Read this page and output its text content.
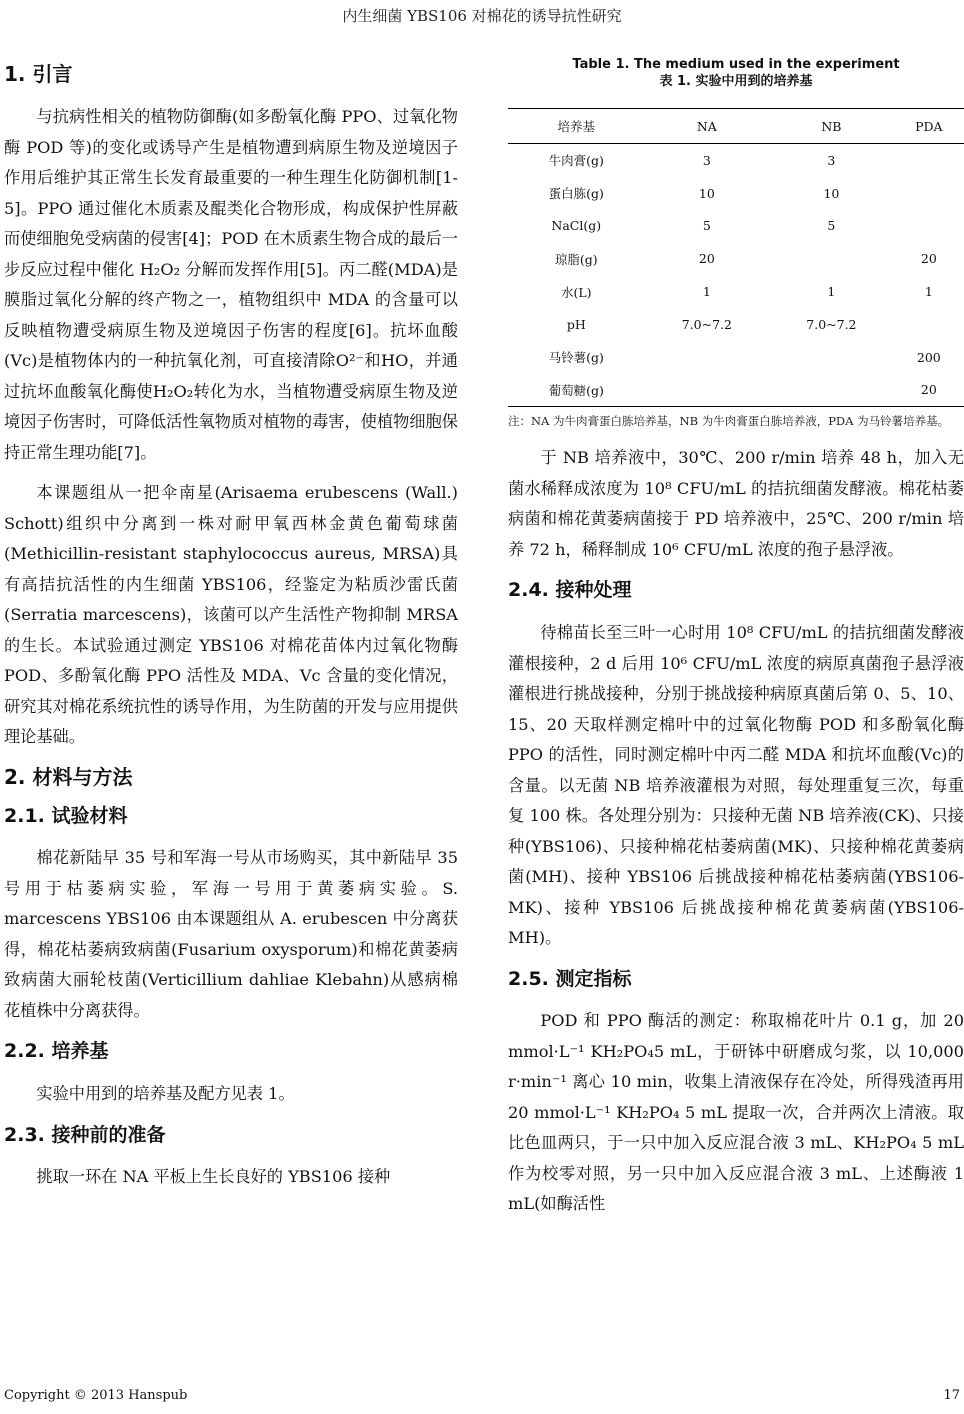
内生细菌 YBS106 对棉花的诱导抗性研究
1. 引言

与抗病性相关的植物防御酶(如多酚氧化酶 PPO、过氧化物酶 POD 等)的变化或诱导产生是植物遭到病原生物及逆境因子作用后维护其正常生长发育最重要的一种生理生化防御机制[1-5]。PPO 通过催化木质素及醌类化合物形成，构成保护性屏蔽而使细胞免受病菌的侵害[4]；POD 在木质素生物合成的最后一步反应过程中催化 H₂O₂ 分解而发挥作用[5]。丙二醛(MDA)是膜脂过氧化分解的终产物之一，植物组织中 MDA 的含量可以反映植物遭受病原生物及逆境因子伤害的程度[6]。抗坏血酸(Vc)是植物体内的一种抗氧化剂，可直接清除O²⁻和HO，并通过抗坏血酸氧化酶使H₂O₂转化为水，当植物遭受病原生物及逆境因子伤害时，可降低活性氧物质对植物的毒害，使植物细胞保持正常生理功能[7]。

本课题组从一把伞南星(Arisaema erubescens (Wall.) Schott)组织中分离到一株对耐甲氧西林金黄色葡萄球菌(Methicillin-resistant staphylococcus aureus, MRSA)具有高拮抗活性的内生细菌 YBS106，经鉴定为粘质沙雷氏菌(Serratia marcescens)，该菌可以产生活性产物抑制 MRSA 的生长。本试验通过测定 YBS106 对棉花苗体内过氧化物酶 POD、多酚氧化酶 PPO 活性及 MDA、Vc 含量的变化情况，研究其对棉花系统抗性的诱导作用，为生防菌的开发与应用提供理论基础。

2. 材料与方法
2.1. 试验材料

棉花新陆早 35 号和军海一号从市场购买，其中新陆早 35 号用于枯萎病实验，军海一号用于黄萎病实验。S. marcescens YBS106 由本课题组从 A. erubescen 中分离获得，棉花枯萎病致病菌(Fusarium oxysporum)和棉花黄萎病致病菌大丽轮枝菌(Verticillium dahliae Klebahn)从感病棉花植株中分离获得。

2.2. 培养基

实验中用到的培养基及配方见表 1。

2.3. 接种前的准备

挑取一环在 NA 平板上生长良好的 YBS106 接种

Table 1. The medium used in the experiment
表 1. 实验中用到的培养基
培养基	NA	NB	PDA
牛肉膏(g)	3	3	
蛋白胨(g)	10	10	
NaCl(g)	5	5	
琼脂(g)	20		20
水(L)	1	1	1
pH	7.0~7.2	7.0~7.2	
马铃薯(g)			200
葡萄糖(g)			20
注：NA 为牛肉膏蛋白胨培养基，NB 为牛肉膏蛋白胨培养液，PDA 为马铃薯培养基。

于 NB 培养液中，30℃、200 r/min 培养 48 h，加入无菌水稀释成浓度为 10⁸ CFU/mL 的拮抗细菌发酵液。棉花枯萎病菌和棉花黄萎病菌接于 PD 培养液中，25℃、200 r/min 培养 72 h，稀释制成 10⁶ CFU/mL 浓度的孢子悬浮液。

2.4. 接种处理

待棉苗长至三叶一心时用 10⁸ CFU/mL 的拮抗细菌发酵液灌根接种，2 d 后用 10⁶ CFU/mL 浓度的病原真菌孢子悬浮液灌根进行挑战接种，分别于挑战接种病原真菌后第 0、5、10、15、20 天取样测定棉叶中的过氧化物酶 POD 和多酚氧化酶 PPO 的活性，同时测定棉叶中丙二醛 MDA 和抗坏血酸(Vc)的含量。以无菌 NB 培养液灌根为对照，每处理重复三次，每重复 100 株。各处理分别为：只接种无菌 NB 培养液(CK)、只接种(YBS106)、只接种棉花枯萎病菌(MK)、只接种棉花黄萎病菌(MH)、接种 YBS106 后挑战接种棉花枯萎病菌(YBS106-MK)、接种 YBS106 后挑战接种棉花黄萎病菌(YBS106-MH)。

2.5. 测定指标

POD 和 PPO 酶活的测定：称取棉花叶片 0.1 g，加 20 mmol·L⁻¹ KH₂PO₄5 mL，于研钵中研磨成匀浆，以 10,000 r·min⁻¹ 离心 10 min，收集上清液保存在冷处，所得残渣再用 20 mmol·L⁻¹ KH₂PO₄ 5 mL 提取一次，合并两次上清液。取比色皿两只，于一只中加入反应混合液 3 mL、KH₂PO₄ 5 mL 作为校零对照，另一只中加入反应混合液 3 mL、上述酶液 1 mL(如酶活性

Copyright © 2013 Hanspub	17
